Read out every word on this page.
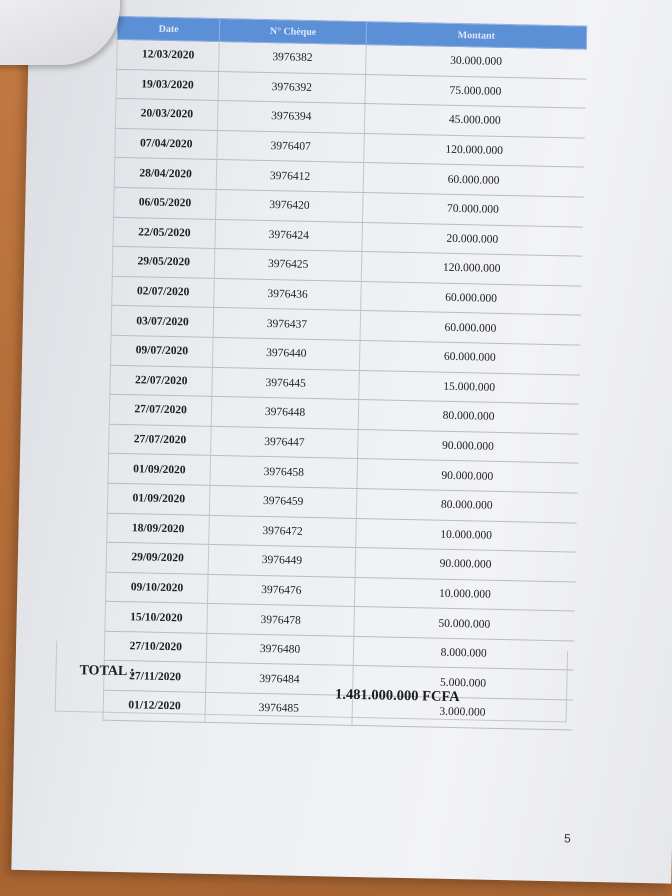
Date	N° Chèque	Montant
12/03/2020	3976382	30.000.000
19/03/2020	3976392	75.000.000
20/03/2020	3976394	45.000.000
07/04/2020	3976407	120.000.000
28/04/2020	3976412	60.000.000
06/05/2020	3976420	70.000.000
22/05/2020	3976424	20.000.000
29/05/2020	3976425	120.000.000
02/07/2020	3976436	60.000.000
03/07/2020	3976437	60.000.000
09/07/2020	3976440	60.000.000
22/07/2020	3976445	15.000.000
27/07/2020	3976448	80.000.000
27/07/2020	3976447	90.000.000
01/09/2020	3976458	90.000.000
01/09/2020	3976459	80.000.000
18/09/2020	3976472	10.000.000
29/09/2020	3976449	90.000.000
09/10/2020	3976476	10.000.000
15/10/2020	3976478	50.000.000
27/10/2020	3976480	8.000.000
27/11/2020	3976484	5.000.000
01/12/2020	3976485	3.000.000
TOTAL :
1.481.000.000 FCFA
5
